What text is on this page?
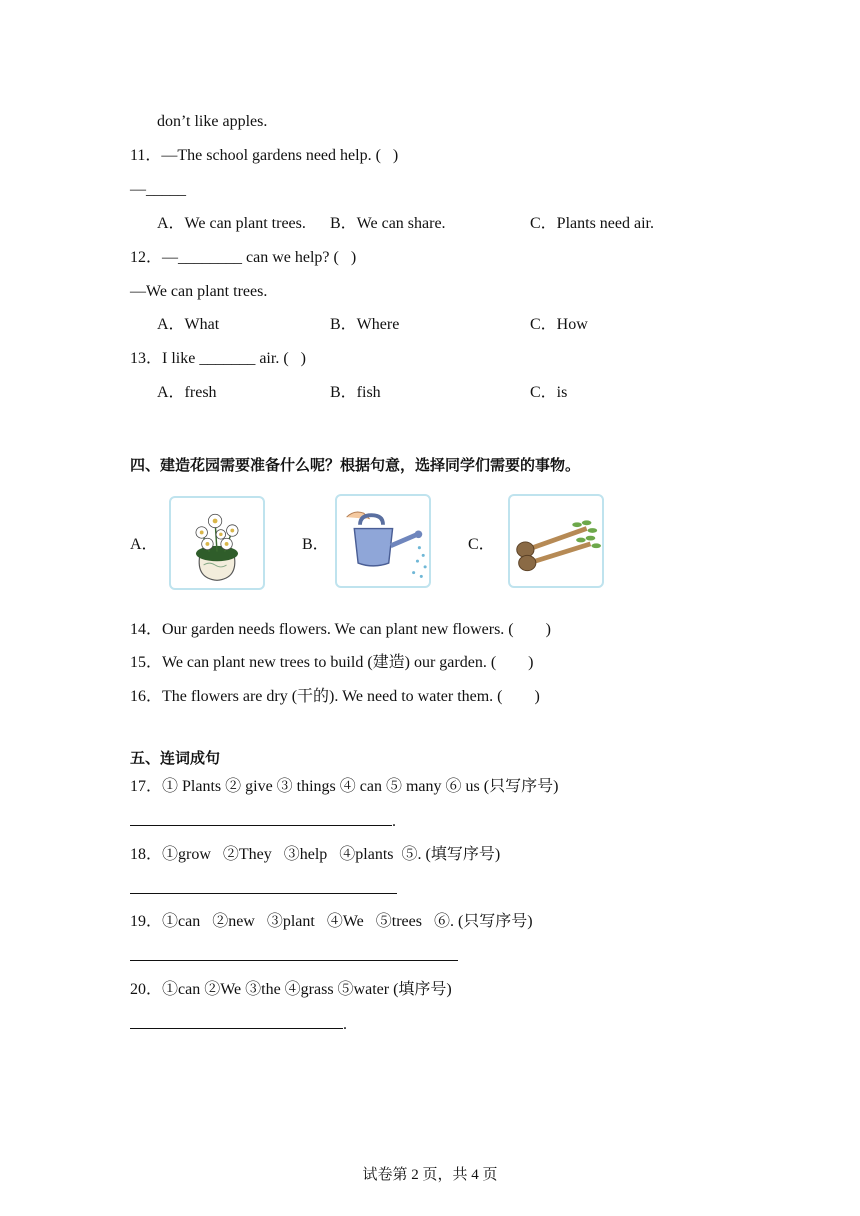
don’t like apples.
11．—The school gardens need help. (   )
—_____
A．We can plant trees. B．We can share.	C．Plants need air.
12．—________ can we help? (   )
—We can plant trees.
A．What	B．Where	C．How
13．I like _______ air. (   )
A．fresh	B．fish	C．is
四、建造花园需要准备什么呢？根据句意，选择同学们需要的事物。
A．	B．	C．
14．Our garden needs flowers. We can plant new flowers. (        )
15．We can plant new trees to build (建造) our garden. (        )
16．The flowers are dry (干的). We need to water them. (        )
五、连词成句
17．① Plants ② give ③ things ④ can ⑤ many ⑥ us (只写序号)
.
18．①grow   ②They   ③help   ④plants  ⑤. (填写序号)
19．①can   ②new   ③plant   ④We   ⑤trees   ⑥. (只写序号)
20．①can ②We ③the ④grass ⑤water (填序号)
.
试卷第 2 页，共 4 页
